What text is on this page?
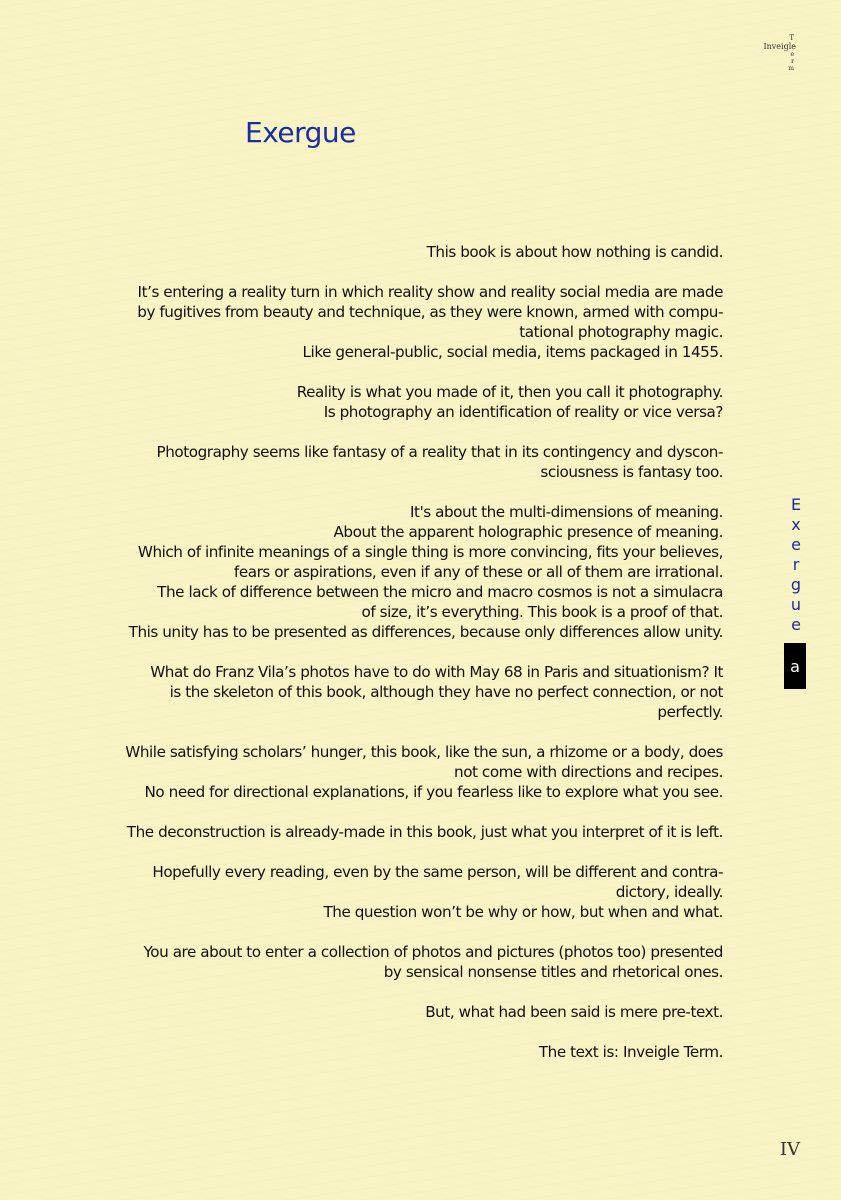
T
Inveigle
e
r
m
Exergue
This book is about how nothing is candid.
It’s entering a reality turn in which reality show and reality social media are made
by fugitives from beauty and technique, as they were known, armed with compu-
tational photography magic.
Like general-public, social media, items packaged in 1455.
Reality is what you made of it, then you call it photography.
Is photography an identification of reality or vice versa?
Photography seems like fantasy of a reality that in its contingency and dyscon-
sciousness is fantasy too.
It's about the multi-dimensions of meaning.
About the apparent holographic presence of meaning.
Which of infinite meanings of a single thing is more convincing, fits your believes,
fears or aspirations, even if any of these or all of them are irrational.
The lack of difference between the micro and macro cosmos is not a simulacra
of size, it’s everything. This book is a proof of that.
This unity has to be presented as differences, because only differences allow unity.
What do Franz Vila’s photos have to do with May 68 in Paris and situationism? It
is the skeleton of this book, although they have no perfect connection, or not
perfectly.
While satisfying scholars’ hunger, this book, like the sun, a rhizome or a body, does
not come with directions and recipes.
No need for directional explanations, if you fearless like to explore what you see.
The deconstruction is already-made in this book, just what you interpret of it is left.
Hopefully every reading, even by the same person, will be different and contra-
dictory, ideally.
The question won’t be why or how, but when and what.
You are about to enter a collection of photos and pictures (photos too) presented
by sensical nonsense titles and rhetorical ones.
But, what had been said is mere pre-text.
The text is: Inveigle Term.
E
x
e
r
g
u
e
a
IV
